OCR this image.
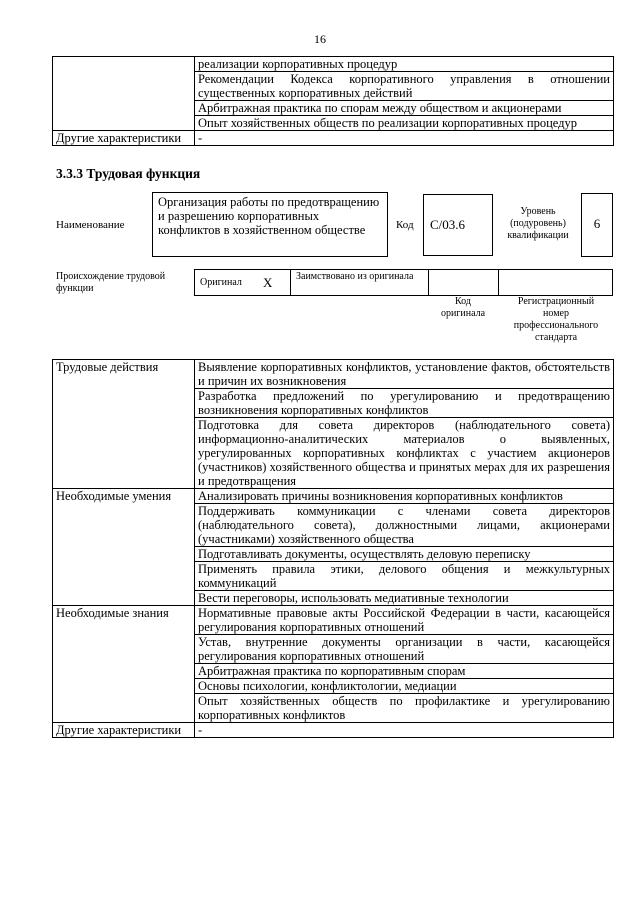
16
	реализации корпоративных процедур
	Рекомендации Кодекса корпоративного управления в отношении существенных корпоративных действий
	Арбитражная практика по спорам между обществом и акционерами
	Опыт хозяйственных обществ по реализации корпоративных процедур
Другие характеристики	-
3.3.3 Трудовая функция
Наименование
Организация работы по предотвращению и разрешению корпоративных конфликтов в хозяйственном обществе	Код	C/03.6
Уровень (подуровень) квалификации
6
Происхождение трудовой функции
Оригинал X Заимствовано из оригинала
Код оригинала
Регистрационный номер профессионального стандарта
Трудовые действия	Выявление корпоративных конфликтов, установление фактов, обстоятельств и причин их возникновения
	Разработка предложений по урегулированию и предотвращению возникновения корпоративных конфликтов
	Подготовка для совета директоров (наблюдательного совета) информационно-аналитических материалов о выявленных, урегулированных корпоративных конфликтах с участием акционеров (участников) хозяйственного общества и принятых мерах для их разрешения и предотвращения
Необходимые умения	Анализировать причины возникновения корпоративных конфликтов
	Поддерживать коммуникации с членами совета директоров (наблюдательного совета), должностными лицами, акционерами (участниками) хозяйственного общества
	Подготавливать документы, осуществлять деловую переписку
	Применять правила этики, делового общения и межкультурных коммуникаций
	Вести переговоры, использовать медиативные технологии
Необходимые знания	Нормативные правовые акты Российской Федерации в части, касающейся регулирования корпоративных отношений
	Устав, внутренние документы организации в части, касающейся регулирования корпоративных отношений
	Арбитражная практика по корпоративным спорам
	Основы психологии, конфликтологии, медиации
	Опыт хозяйственных обществ по профилактике и урегулированию корпоративных конфликтов
Другие характеристики	-
